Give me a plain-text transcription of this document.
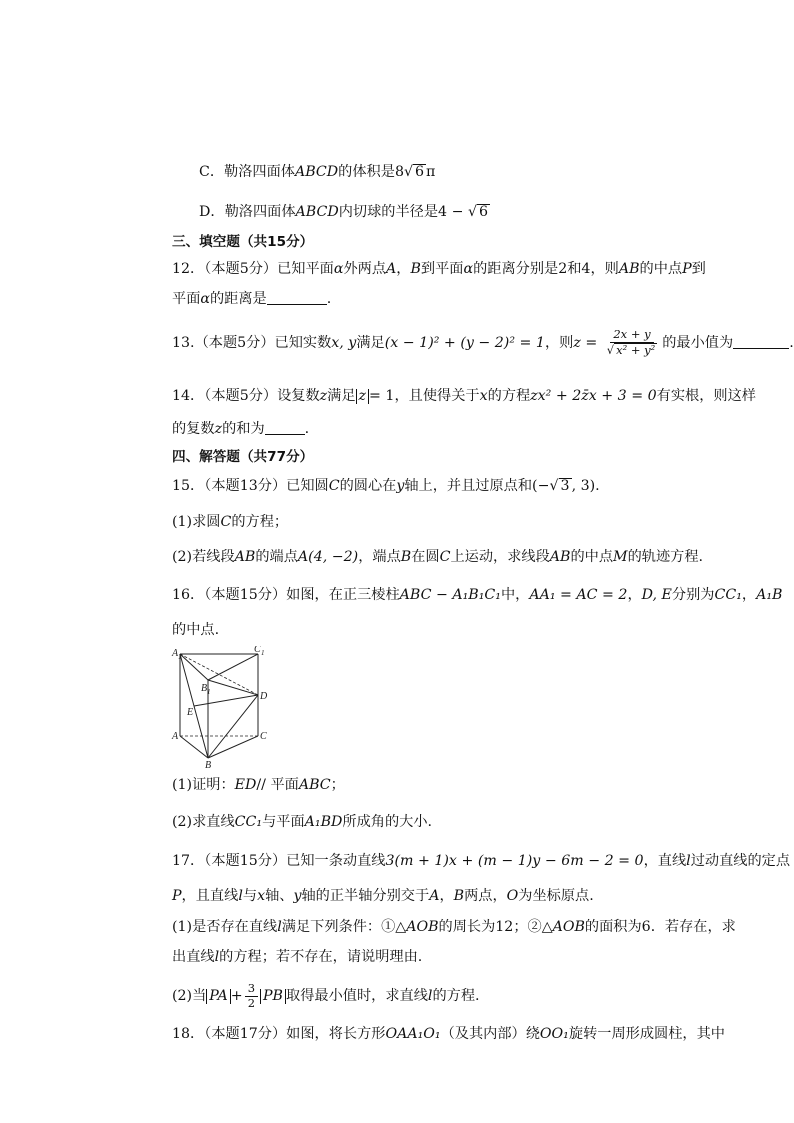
C．勒洛四面体ABCD的体积是8√ 6 π
D．勒洛四面体ABCD内切球的半径是4 − √ 6
三、填空题（共15分）
12．（本题5分）已知平面α外两点A，B到平面α的距离分别是2和4，则AB的中点P到
平面α的距离是	.
13.（本题5分）已知实数x, y满足(x − 1)² + (y − 2)² = 1，则$z = \frac{2x + y}{\text{√ x² + y²}}$ 的最小值为	.
14．（本题5分）设复数z满足 z = 1，且使得关于x的方程zx² + 2z̄x + 3 = 0有实根，则这样
的复数z的和为	.
四、解答题（共77分）
15．（本题13分）已知圆C的圆心在y轴上，并且过原点和(−√ 3 , 3).
(1)求圆C的方程；
(2)若线段AB的端点A(4, −2)，端点B在圆C上运动，求线段AB的中点M的轨迹方程.
16．（本题15分）如图，在正三棱柱ABC − A₁B₁C₁中，AA₁ = AC = 2，D, E分别为CC₁，A₁B
的中点.
A 1
C 1
B 1	D
E
A	C
B
(1)证明：ED// 平面ABC；
(2)求直线CC₁与平面A₁BD所成角的大小.
17．（本题15分）已知一条动直线3(m + 1)x + (m − 1)y − 6m − 2 = 0，直线l过动直线的定点
P，且直线l与x轴、y轴的正半轴分别交于A，B两点，O为坐标原点.
(1)是否存在直线l满足下列条件：①△AOB的周长为12；②△AOB的面积为6．若存在，求
出直线l的方程；若不存在，请说明理由.
(2)当 PA + $\frac{3}{2}$ PB 取得最小值时，求直线l的方程.
18．（本题17分）如图，将长方形OAA₁O₁（及其内部）绕OO₁旋转一周形成圆柱，其中
